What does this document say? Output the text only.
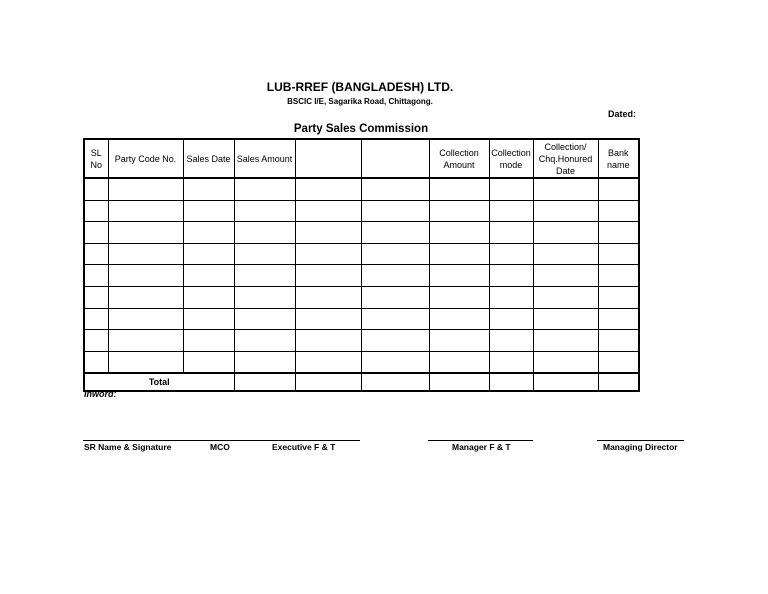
LUB-RREF (BANGLADESH) LTD.
BSCIC I/E, Sagarika Road, Chittagong.
Dated:
Party Sales Commission
SL No	Party Code No.	Sales Date	Sales Amount			Collection Amount	Collection mode	Collection/ Chq.Honured Date	Bank name

Total									
Inword:
SR Name & Signature	MCO	Executive F & T	Manager F & T	Managing Director
